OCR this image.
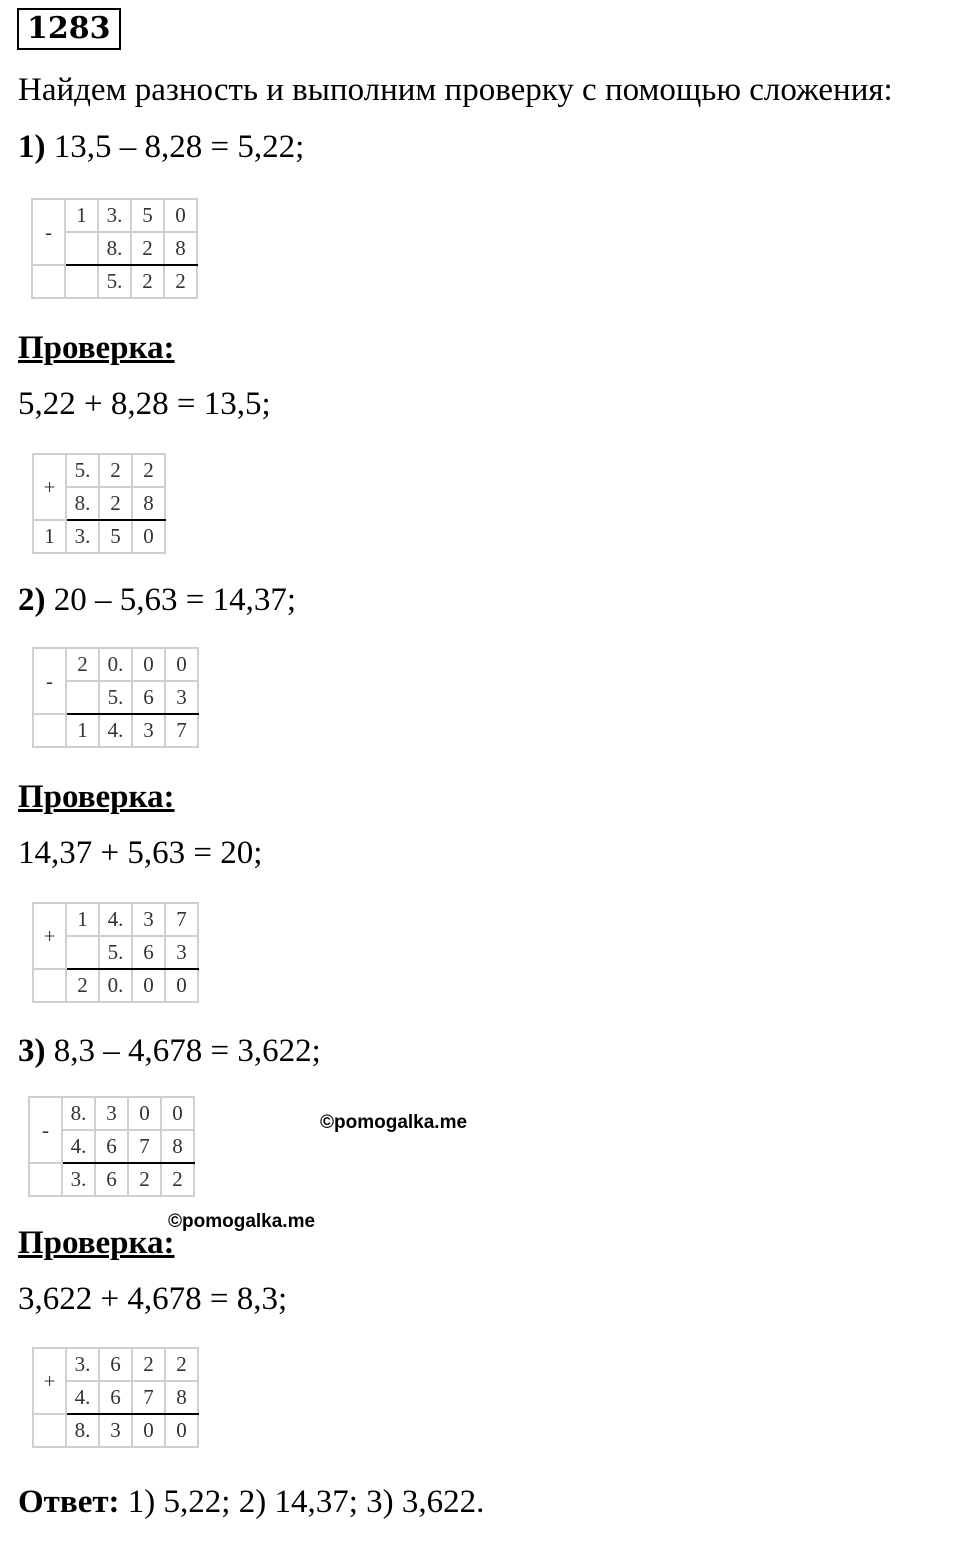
1283
Найдем разность и выполним проверку с помощью сложения:
1) 13,5 – 8,28 = 5,22;
-	1	3.	5	0
		8.	2	8
		5.	2	2
Проверка:
5,22 + 8,28 = 13,5;
+	5.	2	2
	8.	2	8
1	3.	5	0
2) 20 – 5,63 = 14,37;
-	2	0.	0	0
		5.	6	3
	1	4.	3	7
Проверка:
14,37 + 5,63 = 20;
+	1	4.	3	7
		5.	6	3
	2	0.	0	0
3) 8,3 – 4,678 = 3,622;
-	8.	3	0	0
	4.	6	7	8
	3.	6	2	2
©pomogalka.me
Проверка:
©pomogalka.me
3,622 + 4,678 = 8,3;
+	3.	6	2	2
	4.	6	7	8
	8.	3	0	0
Ответ: 1) 5,22; 2) 14,37; 3) 3,622.
